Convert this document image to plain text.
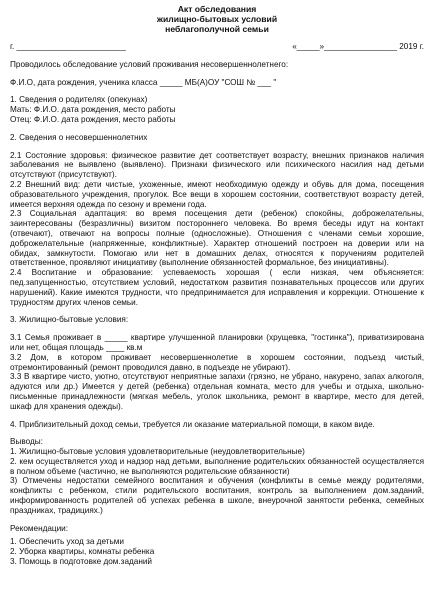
Акт обследования

жилищно-бытовых условий

неблагополучной семьи

г. ________________________	«_____»________________ 2019 г.

Проводилось обследование условий проживания несовершеннолетнего:

Ф.И.О, дата рождения, ученика класса _____ МБ(А)ОУ "СОШ № ___ "

1. Сведения о родителях (опекунах)

Мать: Ф.И.О. дата рождения, место работы

Отец: Ф.И.О. дата рождения, место работы

2. Сведения о несовершеннолетних

2.1 Состояние здоровья: физическое развитие дет соответствует возрасту, внешних признаков наличия заболевания не выявлено (выявлено). Признаки физического или психического насилия над детьми отсутствуют (присутствуют).

2.2 Внешний вид: дети чистые, ухоженные, имеют необходимую одежду и обувь для дома, посещения образовательного учреждения, прогулок. Все вещи в хорошем состоянии, соответствуют возрасту детей, имеется верхняя одежда по сезону и времени года.

2.3 Социальная адаптация: во время посещения дети (ребенок) спокойны, доброжелательны, заинтересованы (безразличны) визитом постороннего человека. Во время беседы идут на контакт (отвечают), отвечают на вопросы полные (односложные). Отношения с членами семьи хорошие, доброжелательные (напряженные, конфликтные). Характер отношений построен на доверии или на обидах, замкнутости. Помогаю или нет в домашних делах, относятся к поручениям родителей ответственное, проявляют инициативу (выполнение обязанностей формальное, без инициативны).

2.4 Воспитание и образование: успеваемость хорошая ( если низкая, чем объясняется: пед.запущенностью, отсутствием условий, недостатком развития познавательных процессов или других нарушений). Какие имеются трудности, что предпринимается для исправления и коррекции. Отношение к трудностям других членов семьи.

3. Жилищно-бытовые условия:

3.1 Семья проживает в _____ квартире улучшенной планировки (хрущевка, "гостинка"), приватизирована или нет, общая площадь ____ кв.м

3.2 Дом, в котором проживает несовершеннолетие в хорошем состоянии, подъезд чистый, отремонтированный (ремонт проводился давно, в подъезде не убирают).

3.3 В квартире чисто, уютно, отсутствуют неприятные запахи (грязно, не убрано, накурено, запах алкоголя, адуются или др.) Имеется у детей (ребенка) отдельная комната, место для учебы и отдыха, школьно-письменные принадлежности (мягкая мебель, уголок школьника, ремонт в квартире, место для детей, шкаф для хранения одежды).

4. Приблизительный доход семьи, требуется ли оказание материальной помощи, в каком виде.

Выводы:

1. Жилищно-бытовые условия удовлетворительные (неудовлетворительные)

2. кем осуществляется уход и надзор над детьми, выполнение родительских обязанностей осуществляется в полном объеме (частично, не выполняются родительские обязанности)

3) Отмечены недостатки семейного воспитания и обучения (конфликты в семье между родителями, конфликты с ребенком, стили родительского воспитания, контроль за выполнением дом.заданий, информированность родителей об успехах ребенка в школе, внеурочной занятости ребенка, семейных праздниках, традициях.)

Рекомендации:

1. Обеспечить уход за детьми

2. Уборка квартиры, комнаты ребенка

3. Помощь в подготовке дом.заданий
